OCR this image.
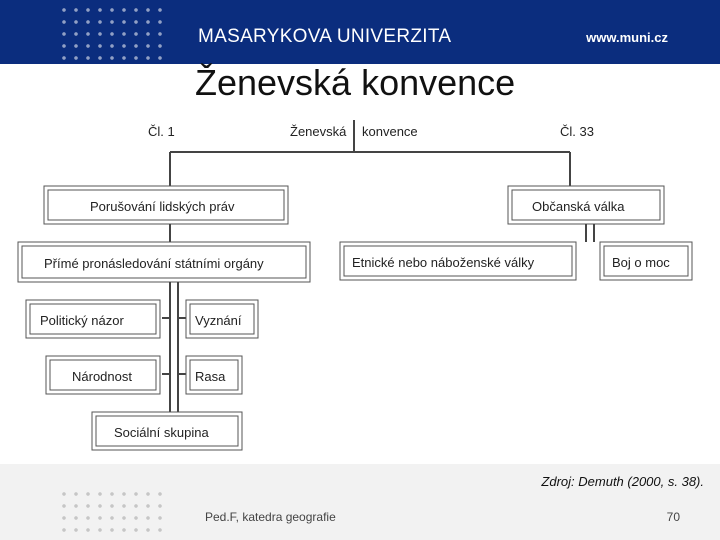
MASARYKOVA UNIVERZITA	www.muni.cz
Ženevská konvence
Čl. 1	Ženevská konvence	Čl. 33
Porušování lidských práv	Občanská válka
Přímé pronásledování státními orgány	Etnické nebo náboženské války	Boj o moc
Politický názor	Vyznání
Národnost	Rasa
Sociální skupina
Zdroj: Demuth (2000, s. 38).
Ped.F, katedra geografie	70
